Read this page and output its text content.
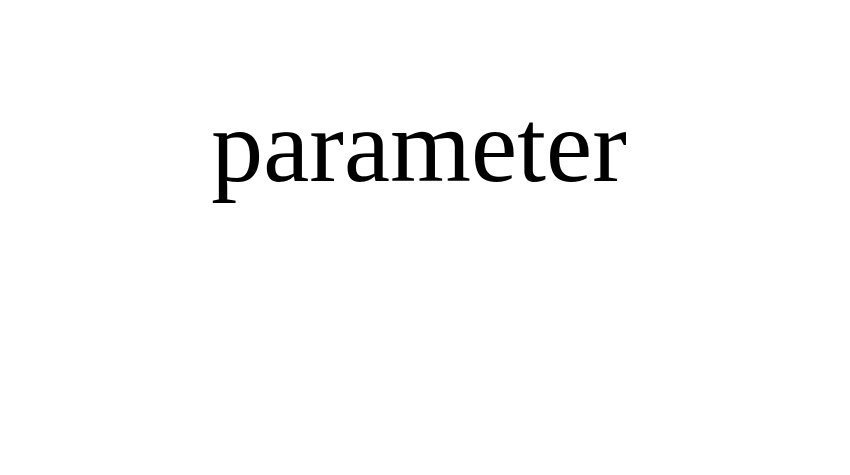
parameter
